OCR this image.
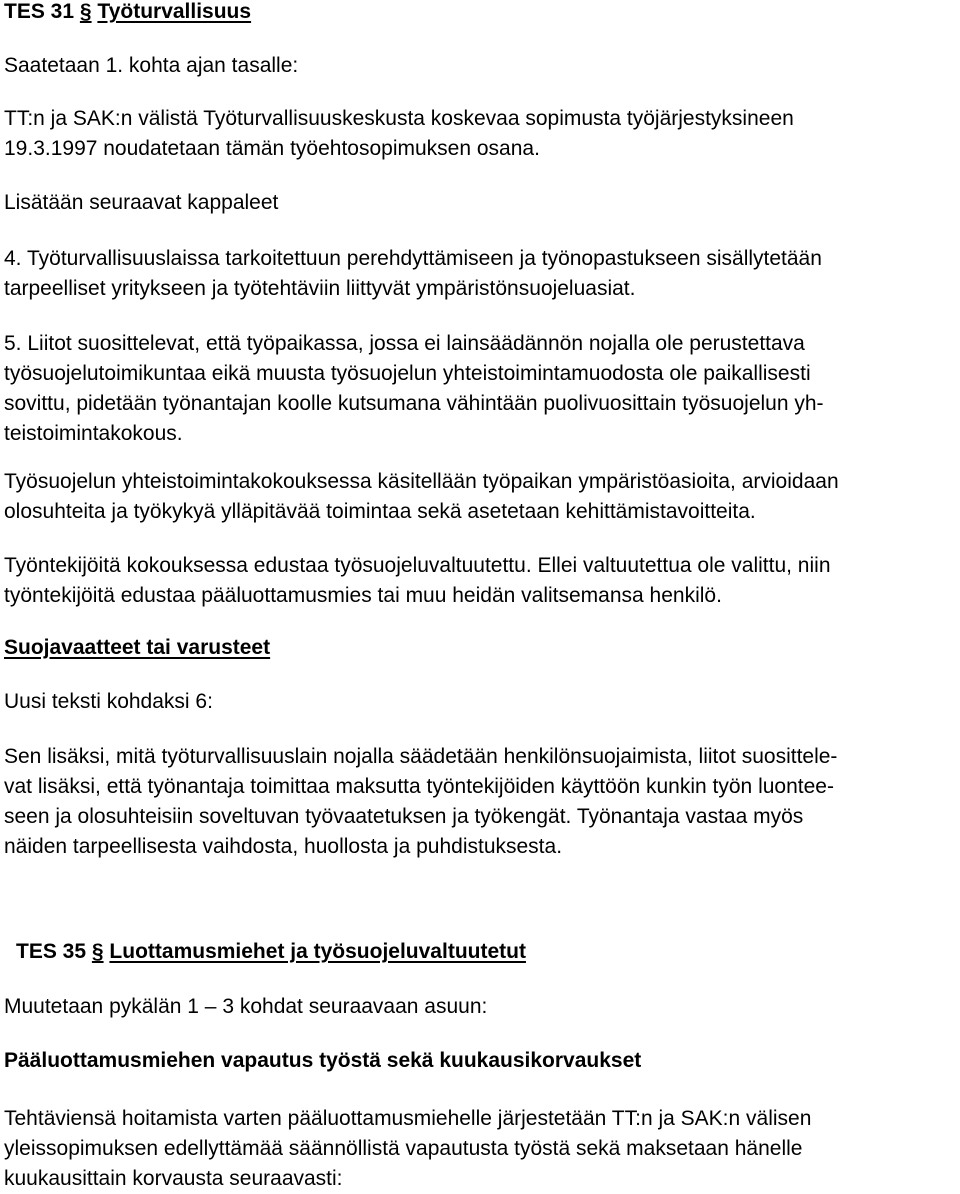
TES 31 § Työturvallisuus

Saatetaan 1. kohta ajan tasalle:

TT:n ja SAK:n välistä Työturvallisuuskeskusta koskevaa sopimusta työjärjestyksineen
19.3.1997 noudatetaan tämän työehtosopimuksen osana.

Lisätään seuraavat kappaleet

4. Työturvallisuuslaissa tarkoitettuun perehdyttämiseen ja työnopastukseen sisällytetään
tarpeelliset yritykseen ja työtehtäviin liittyvät ympäristönsuojeluasiat.

5. Liitot suosittelevat, että työpaikassa, jossa ei lainsäädännön nojalla ole perustettava
työsuojelutoimikuntaa eikä muusta työsuojelun yhteistoimintamuodosta ole paikallisesti
sovittu, pidetään työnantajan koolle kutsumana vähintään puolivuosittain työsuojelun yh-
teistoimintakokous.

Työsuojelun yhteistoimintakokouksessa käsitellään työpaikan ympäristöasioita, arvioidaan
olosuhteita ja työkykyä ylläpitävää toimintaa sekä asetetaan kehittämistavoitteita.

Työntekijöitä kokouksessa edustaa työsuojeluvaltuutettu. Ellei valtuutettua ole valittu, niin
työntekijöitä edustaa pääluottamusmies tai muu heidän valitsemansa henkilö.

Suojavaatteet tai varusteet

Uusi teksti kohdaksi 6:

Sen lisäksi, mitä työturvallisuuslain nojalla säädetään henkilönsuojaimista, liitot suosittele-
vat lisäksi, että työnantaja toimittaa maksutta työntekijöiden käyttöön kunkin työn luontee-
seen ja olosuhteisiin soveltuvan työvaatetuksen ja työkengät. Työnantaja vastaa myös
näiden tarpeellisesta vaihdosta, huollosta ja puhdistuksesta.

TES 35 § Luottamusmiehet ja työsuojeluvaltuutetut

Muutetaan pykälän 1 – 3 kohdat seuraavaan asuun:

Pääluottamusmiehen vapautus työstä sekä kuukausikorvaukset

Tehtäviensä hoitamista varten pääluottamusmiehelle järjestetään TT:n ja SAK:n välisen
yleissopimuksen edellyttämää säännöllistä vapautusta työstä sekä maksetaan hänelle
kuukausittain korvausta seuraavasti:
